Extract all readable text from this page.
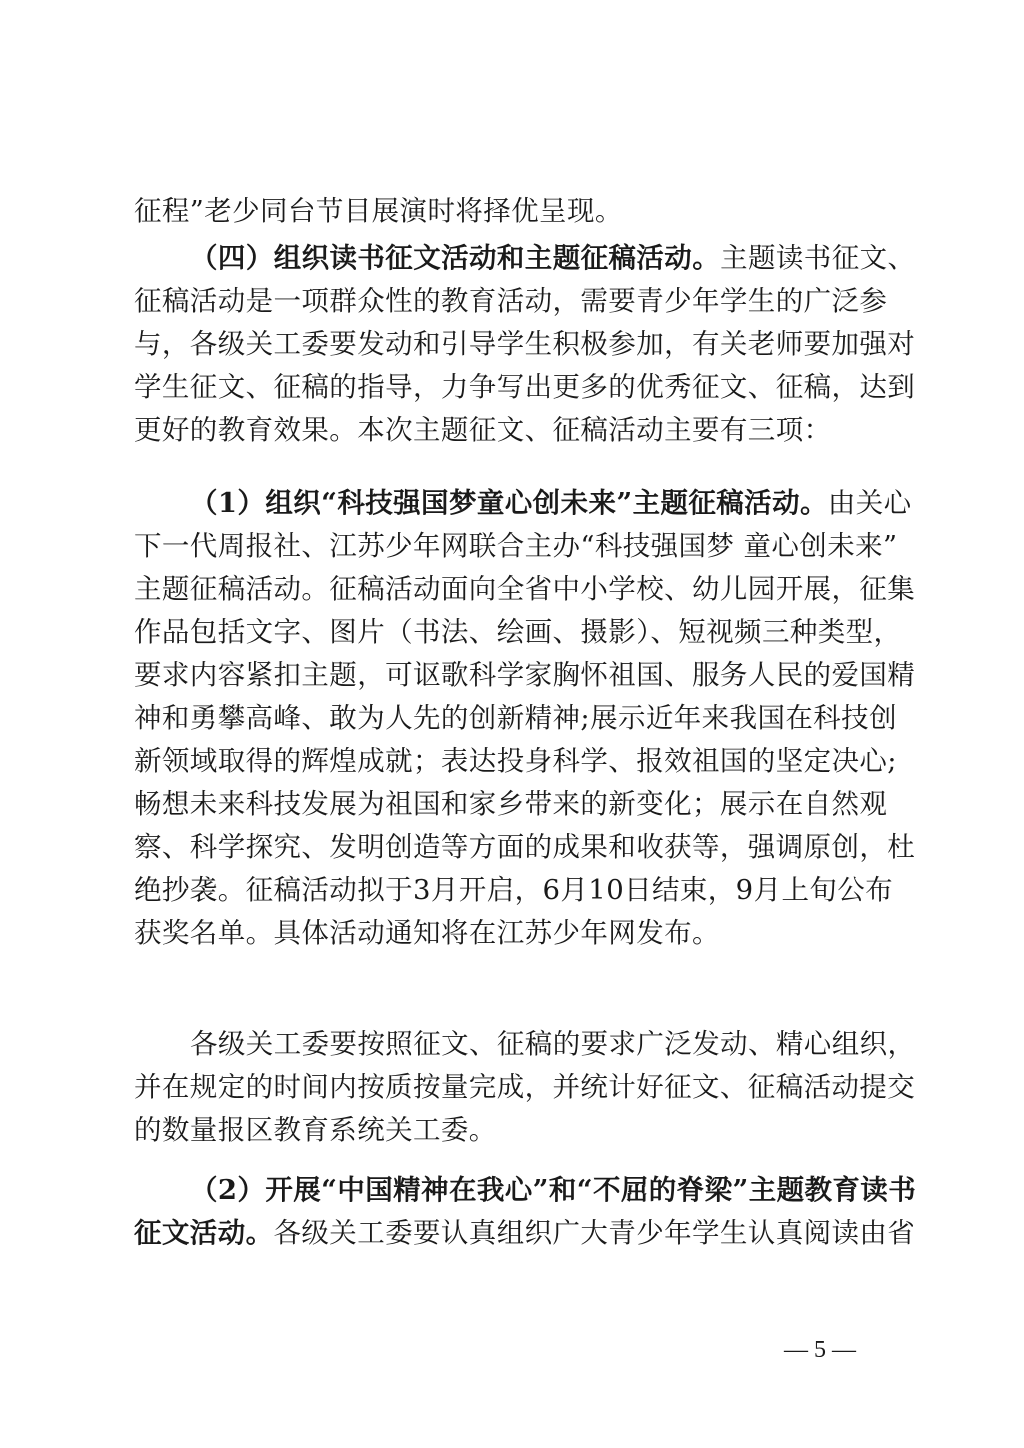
征程”老少同台节目展演时将择优呈现。
（四）组织读书征文活动和主题征稿活动。主题读书征文、
征稿活动是一项群众性的教育活动，需要青少年学生的广泛参
与，各级关工委要发动和引导学生积极参加，有关老师要加强对
学生征文、征稿的指导，力争写出更多的优秀征文、征稿，达到
更好的教育效果。本次主题征文、征稿活动主要有三项：
（1）组织“科技强国梦童心创未来”主题征稿活动。由关心
下一代周报社、江苏少年网联合主办“科技强国梦 童心创未来”
主题征稿活动。征稿活动面向全省中小学校、幼儿园开展，征集
作品包括文字、图片（书法、绘画、摄影）、短视频三种类型，
要求内容紧扣主题，可讴歌科学家胸怀祖国、服务人民的爱国精
神和勇攀高峰、敢为人先的创新精神;展示近年来我国在科技创
新领域取得的辉煌成就；表达投身科学、报效祖国的坚定决心;
畅想未来科技发展为祖国和家乡带来的新变化；展示在自然观
察、科学探究、发明创造等方面的成果和收获等，强调原创，杜
绝抄袭。征稿活动拟于3月开启，6月10日结束，9月上旬公布
获奖名单。具体活动通知将在江苏少年网发布。
各级关工委要按照征文、征稿的要求广泛发动、精心组织，
并在规定的时间内按质按量完成，并统计好征文、征稿活动提交
的数量报区教育系统关工委。
（2）开展“中国精神在我心”和“不屈的脊梁”主题教育读书
征文活动。各级关工委要认真组织广大青少年学生认真阅读由省
— 5 —
